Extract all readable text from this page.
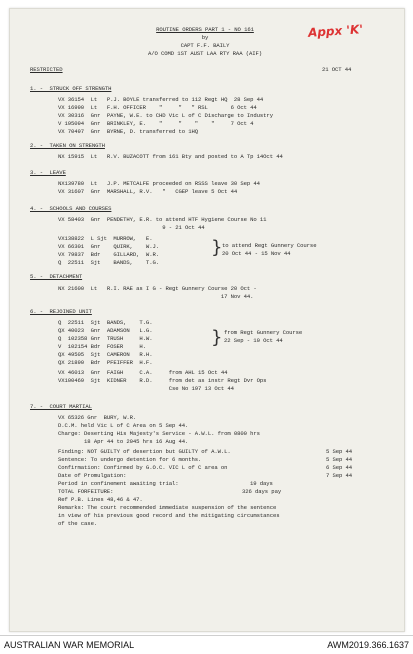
Appx 'K'
ROUTINE ORDERS PART 1 - NO 161
by
CAPT F.F. BAILY
A/O COMD 1ST AUST LAA RTY RAA (AIF)
RESTRICTED	21 OCT 44
1. -  STRUCK OFF STRENGTH
VX 36154  Lt   P.J. BOYLE transferred to 112 Regt HQ  28 Sep 44
VX 16990  Lt   F.H. OFFICER    "     "   " RSL       6 Oct 44
VX 30316  Gnr  PAYNE, W.E. to CHD Vic L of C Discharge to Industry
V 195094  Gnr  BRINKLEY, E.    "     "    "    "     7 Oct 4
VX 70497  Gnr  BYRNE, D. transferred to 1HQ
2. -  TAKEN ON STRENGTH
NX 15915  Lt   R.V. BUZACOTT from 161 Bty and posted to A Tp 14Oct 44
3. -  LEAVE
NX139780  Lt   J.P. METCALFE proceeded on RSSS leave 30 Sep 44
VX 31607  Gnr  MARSHALL, R.V.   "   CGEP leave 5 Oct 44
4. -  SCHOOLS AND COURSES
VX 58403  Gnr  PENDETHY, E.R. to attend HTF Hygiene Course No 11
9 - 21 Oct 44
VX138822  L Sjt  MURROW,   E.
VX 66301  Gnr    QUIRK,    W.J.
VX 79837  Bdr    GILLARD,  W.R.
Q  22511  Sjt    BANDS,    T.G.
} to attend Regt Gunnery Course
20 Oct 44 - 15 Nov 44
5. -  DETACHMENT
NX 21600  Lt   R.I. RAE as I G - Regt Gunnery Course 20 Oct -
17 Nov 44.
6. -  REJOINED UNIT
Q  22511  Sjt  BANDS,    T.G.
QX 40023  Gnr  ADAMSON   L.G.
Q  102358 Gnr  TRUSH     H.W.
V  102154 Bdr  FOSER     H.
QX 49505  Sjt  CAMERON   R.H.
QX 21890  Bdr  PFEIFFER  H.F.
} from Regt Gunnery Course
22 Sep - 10 Oct 44
VX 46013  Gnr  FAIGH     C.A.     from AHL 15 Oct 44
VX100469  Sjt  KIDNER    R.D.     from det as instr Regt Dvr Ops
Cse No 197 13 Oct 44
7. -  COURT MARTIAL
VX 65326 Gnr  BURY, W.R.
D.C.M. held Vic L of C Area on 5 Sep 44.
Charge: Deserting His Majesty's Service - A.W.L. from 0800 hrs
18 Apr 44 to 2045 hrs 16 Aug 44.
Finding: NOT GUILTY of desertion but GUILTY of A.W.L.
Sentence: To undergo detention for 6 months.
Confirmation: Confirmed by G.O.C. VIC L of C area on
Date of Promulgation:
Period in confinement awaiting trial:
TOTAL FORFEITURE:
Ref P.B. Lines 48,46 & 47.
Remarks: The court recommended immediate suspension of the sentence
in view of his previous good record and the mitigating circumstances
of the case.
5 Sep 44
5 Sep 44
6 Sep 44
7 Sep 44
19 days
326 days pay
AUSTRALIAN WAR MEMORIAL	AWM2019.366.1637
